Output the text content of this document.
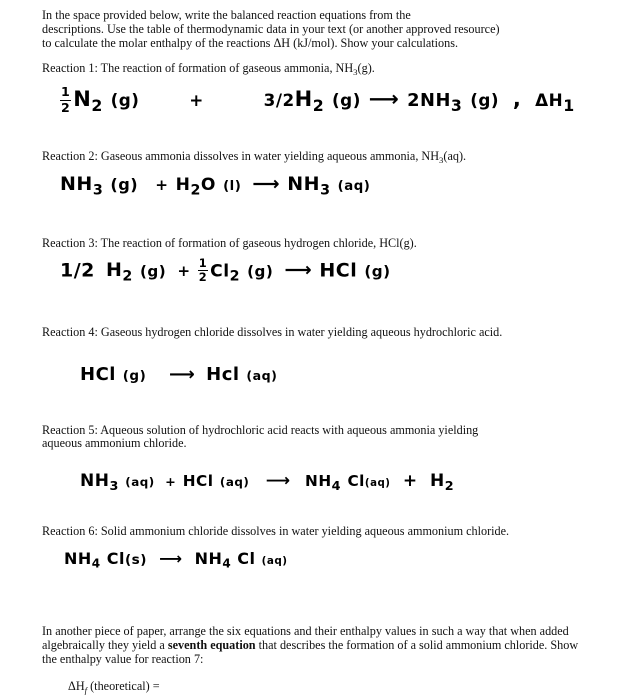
In the space provided below, write the balanced reaction equations from the

descriptions. Use the table of thermodynamic data in your text (or another approved resource)

to calculate the molar enthalpy of the reactions ΔH (kJ/mol). Show your calculations.

Reaction 1: The reaction of formation of gaseous ammonia, $NH_3(g)$.

$\frac{1}{2} N_2$ (g)	+	$3/2H_2$ (g) ⟶ $2NH_3$ (g) , $\Delta H_1$

Reaction 2: Gaseous ammonia dissolves in water yielding aqueous ammonia, $NH_3(aq)$.

$NH_3$ $(g) + H_2O$ (l) ⟶ $NH_3$ (aq)

Reaction 3: The reaction of formation of gaseous hydrogen chloride, HCl(g).

1/2 $H_2$ $(g) + \frac{1}{2} Cl_2$ (g) ⟶ HCl (g)

Reaction 4: Gaseous hydrogen chloride dissolves in water yielding aqueous hydrochloric acid.

HCl (g) ⟶ Hcl (aq)

Reaction 5: Aqueous solution of hydrochloric acid reacts with aqueous ammonia yielding

aqueous ammonium chloride.

$NH_3$ (aq) + HCl (aq) ⟶ $NH_4$ $Cl(aq) + H_2$

Reaction 6: Solid ammonium chloride dissolves in water yielding aqueous ammonium chloride.

$NH_4$ Cl(s) ⟶ $NH_4$ Cl (aq)

In another piece of paper, arrange the six equations and their enthalpy values in such a way that when added

algebraically they yield a seventh equation that describes the formation of a solid ammonium chloride. Show

the enthalpy value for reaction 7:

$\Delta H_f$ (theoretical) =
